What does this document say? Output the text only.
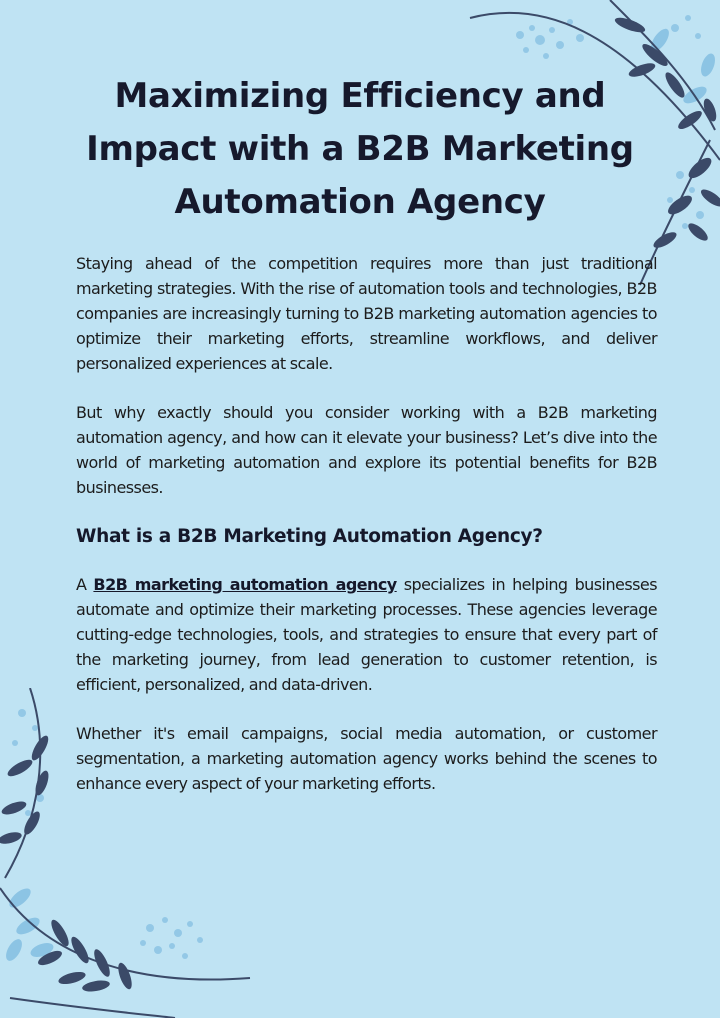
Maximizing Efficiency and Impact with a B2B Marketing Automation Agency

Staying ahead of the competition requires more than just traditional marketing strategies. With the rise of automation tools and technologies, B2B companies are increasingly turning to B2B marketing automation agencies to optimize their marketing efforts, streamline workflows, and deliver personalized experiences at scale.

But why exactly should you consider working with a B2B marketing automation agency, and how can it elevate your business? Let’s dive into the world of marketing automation and explore its potential benefits for B2B businesses.

What is a B2B Marketing Automation Agency?

A B2B marketing automation agency specializes in helping businesses automate and optimize their marketing processes. These agencies leverage cutting-edge technologies, tools, and strategies to ensure that every part of the marketing journey, from lead generation to customer retention, is efficient, personalized, and data-driven.

Whether it's email campaigns, social media automation, or customer segmentation, a marketing automation agency works behind the scenes to enhance every aspect of your marketing efforts.
